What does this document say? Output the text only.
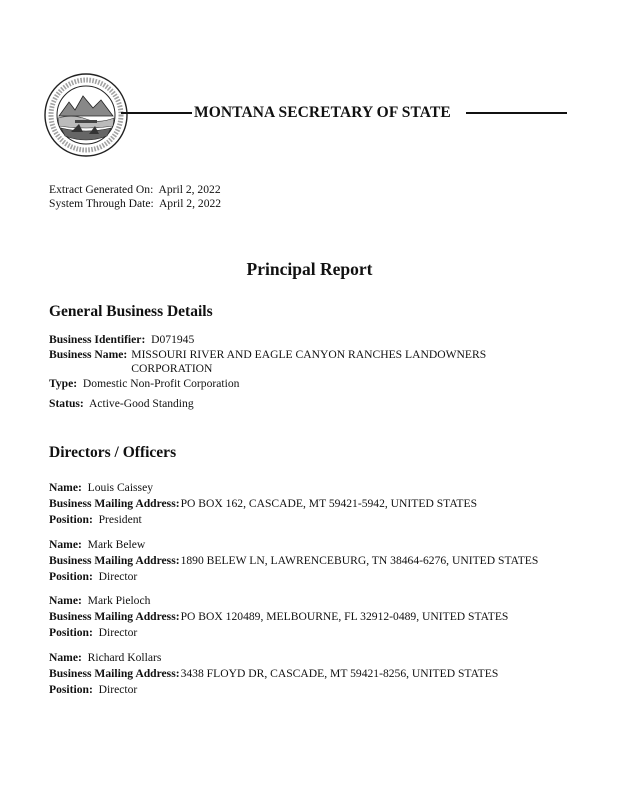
MONTANA SECRETARY OF STATE
Extract Generated On: April 2, 2022
System Through Date: April 2, 2022
Principal Report
General Business Details
Business Identifier: D071945
Business Name: MISSOURI RIVER AND EAGLE CANYON RANCHES LANDOWNERS CORPORATION
Type: Domestic Non-Profit Corporation
Status: Active-Good Standing
Directors / Officers
Name: Louis Caissey
Business Mailing Address:PO BOX 162, CASCADE, MT 59421-5942, UNITED STATES
Position: President
Name: Mark Belew
Business Mailing Address:1890 BELEW LN, LAWRENCEBURG, TN 38464-6276, UNITED STATES
Position: Director
Name: Mark Pieloch
Business Mailing Address:PO BOX 120489, MELBOURNE, FL 32912-0489, UNITED STATES
Position: Director
Name: Richard Kollars
Business Mailing Address:3438 FLOYD DR, CASCADE, MT 59421-8256, UNITED STATES
Position: Director
